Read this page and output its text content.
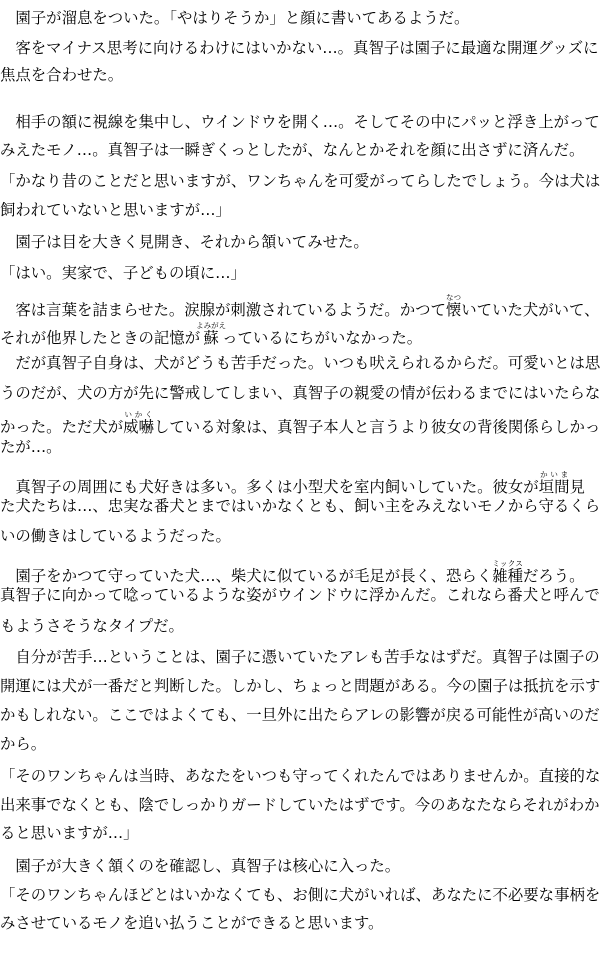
　園子が溜息をついた。「やはりそうか」と顔に書いてあるようだ。
　客をマイナス思考に向けるわけにはいかない…。真智子は園子に最適な開運グッズに
焦点を合わせた。
　相手の額に視線を集中し、ウインドウを開く…。そしてその中にパッと浮き上がって
みえたモノ…。真智子は一瞬ぎくっとしたが、なんとかそれを顔に出さずに済んだ。
「かなり昔のことだと思いますが、ワンちゃんを可愛がってらしたでしょう。今は犬は
飼われていないと思いますが…」
　園子は目を大きく見開き、それから頷いてみせた。
「はい。実家で、子どもの頃に…」
　客は言葉を詰まらせた。涙腺が刺激されているようだ。かつて懐なついていた犬がいて、
それが他界したときの記憶が蘇よみがえっているにちがいなかった。
　だが真智子自身は、犬がどうも苦手だった。いつも吠えられるからだ。可愛いとは思
うのだが、犬の方が先に警戒してしまい、真智子の親愛の情が伝わるまでにはいたらな
かった。ただ犬が威嚇いかくしている対象は、真智子本人と言うより彼女の背後関係らしかっ
たが…。
　真智子の周囲にも犬好きは多い。多くは小型犬を室内飼いしていた。彼女が垣間かいま見
た犬たちは…、忠実な番犬とまではいかなくとも、飼い主をみえないモノから守るくら
いの働きはしているようだった。
　園子をかつて守っていた犬…、柴犬に似ているが毛足が長く、恐らく雑種ミックスだろう。
真智子に向かって唸っているような姿がウインドウに浮かんだ。これなら番犬と呼んで
もようさそうなタイプだ。
　自分が苦手…ということは、園子に憑いていたアレも苦手なはずだ。真智子は園子の
開運には犬が一番だと判断した。しかし、ちょっと問題がある。今の園子は抵抗を示す
かもしれない。ここではよくても、一旦外に出たらアレの影響が戻る可能性が高いのだ
から。
「そのワンちゃんは当時、あなたをいつも守ってくれたんではありませんか。直接的な
出来事でなくとも、陰でしっかりガードしていたはずです。今のあなたならそれがわか
ると思いますが…」
　園子が大きく頷くのを確認し、真智子は核心に入った。
「そのワンちゃんほどとはいかなくても、お側に犬がいれば、あなたに不必要な事柄を
みさせているモノを追い払うことができると思います。
